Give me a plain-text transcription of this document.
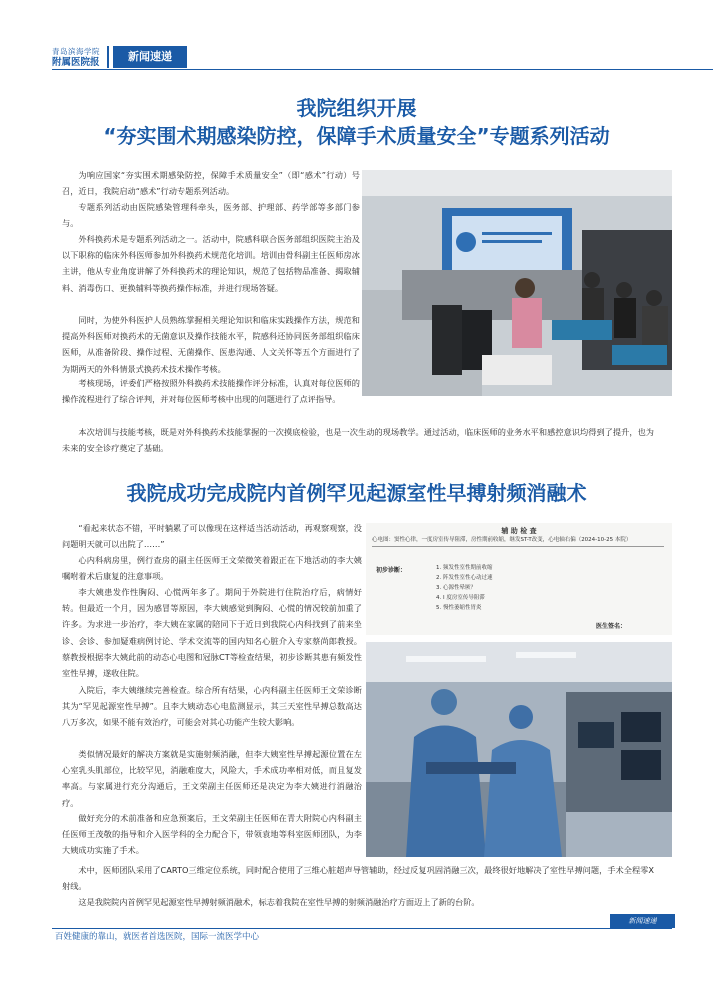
青岛滨海学院
附属医院报	新闻速递
我院组织开展
“夯实围术期感染防控，保障手术质量安全”专题系列活动

为响应国家“夯实围术期感染防控，保障手术质量安全”（即“感术”行动）号召，近日，我院启动“感术”行动专题系列活动。

专题系列活动由医院感染管理科牵头，医务部、护理部、药学部等多部门参与。

外科换药术是专题系列活动之一。活动中，院感科联合医务部组织医院主治及以下职称的临床外科医师参加外科换药术规范化培训。培训由骨科副主任医师房冰主讲，他从专业角度讲解了外科换药术的理论知识，规范了包括物品准备、揭取辅料、消毒伤口、更换辅料等换药操作标准，并进行现场答疑。

同时，为使外科医护人员熟练掌握相关理论知识和临床实践操作方法，规范和提高外科医师对换药术的无菌意识及操作技能水平，院感科还协同医务部组织临床医师，从准备阶段、操作过程、无菌操作、医患沟通、人文关怀等五个方面进行了为期两天的外科情景式换药术技术操作考核。

考核现场，评委们严格按照外科换药术技能操作评分标准，认真对每位医师的操作流程进行了综合评判，并对每位医师考核中出现的问题进行了点评指导。

本次培训与技能考核，既是对外科换药术技能掌握的一次摸底检验，也是一次生动的现场教学。通过活动，临床医师的业务水平和感控意识均得到了提升，也为未来的安全诊疗奠定了基础。

我院成功完成院内首例罕见起源室性早搏射频消融术

“看起来状态不错，平时躺累了可以像现在这样适当活动活动，再观察观察，没问题明天就可以出院了……”

心内科病房里，例行查房的副主任医师王文荣微笑着跟正在下地活动的李大姨嘱咐着术后康复的注意事项。

李大姨患发作性胸闷、心慌两年多了。期间于外院进行住院治疗后，病情好转。但最近一个月，因为感冒等原因，李大姨感觉到胸闷、心慌的情况较前加重了许多。为求进一步治疗，李大姨在家属的陪同下于近日到我院心内科找到了前来坐诊、会诊、参加疑难病例讨论、学术交流等的国内知名心脏介入专家蔡尚郎教授。蔡教授根据李大姨此前的动态心电图和冠脉CT等检查结果，初步诊断其患有频发性室性早搏，遂收住院。

入院后，李大姨继续完善检查。综合所有结果，心内科副主任医师王文荣诊断其为“罕见起源室性早搏”。且李大姨动态心电监测显示，其三天室性早搏总数高达八万多次，如果不能有效治疗，可能会对其心功能产生较大影响。

类似情况最好的解决方案就是实施射频消融，但李大姨室性早搏起源位置在左心室乳头肌部位，比较罕见，消融难度大，风险大，手术成功率相对低，而且复发率高。与家属进行充分沟通后，王文荣副主任医师还是决定为李大姨进行消融治疗。

做好充分的术前准备和应急预案后，王文荣副主任医师在青大附院心内科副主任医师王茂敬的指导和介入医学科的全力配合下，带领袁地等科室医师团队，为李大姨成功实施了手术。

术中，医师团队采用了CARTO三维定位系统，同时配合使用了三维心脏超声导管辅助，经过反复巩固消融三次，最终很好地解决了室性早搏问题，手术全程零X射线。

这是我院院内首例罕见起源室性早搏射频消融术，标志着我院在室性早搏的射频消融治疗方面迈上了新的台阶。

辅 助 检 查
心电图：窦性心律，一度房室传导阻滞，房性期前收缩，继发ST-T改变，心电轴右偏（2024-10-25 本院）
初步诊断：	1. 频发性室性期前收缩
2. 阵发性室性心动过速
3. 心源性晕厥？
4. Ⅰ 度房室传导阻滞
5. 慢性萎缩性胃炎
医生签名：
新闻速递
百姓健康的靠山，就医者首选医院，国际一流医学中心
